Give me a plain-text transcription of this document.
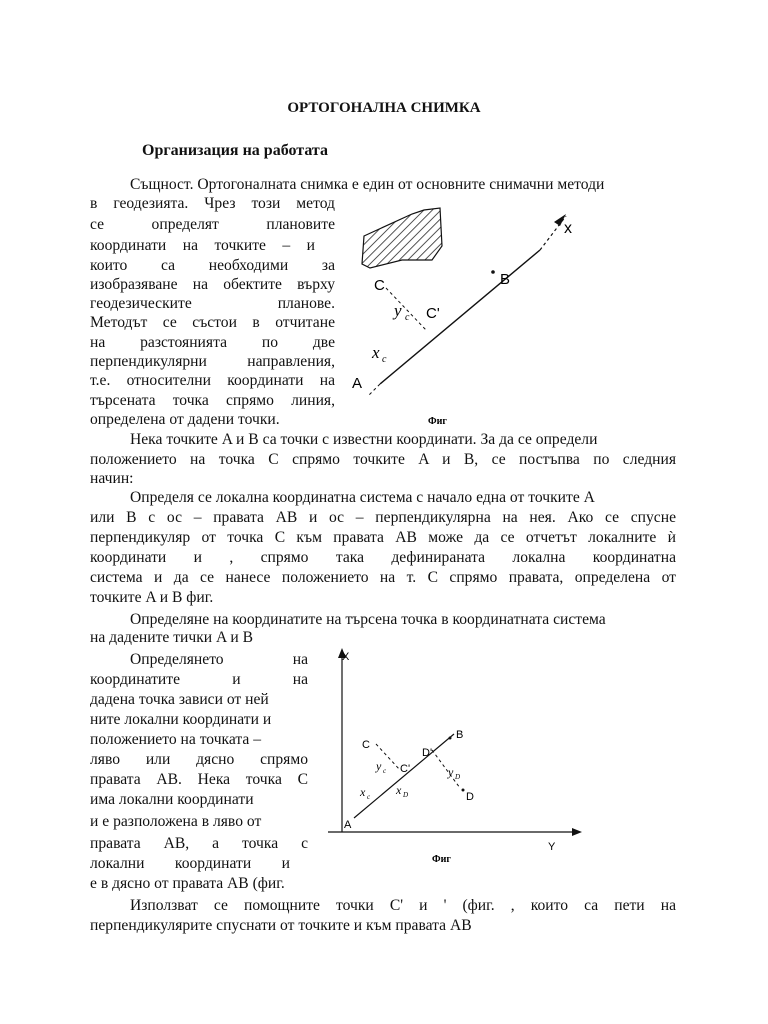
ОРТОГОНАЛНА СНИМКА
Организация на работата
Същност. Ортогоналната снимка е един от основните снимачни методи
в геодезията. Чрез този метод
се определят плановите
координати на точките – и
които са необходими за
изобразяване на обектите върху
геодезическите планове.
Методът се състои в отчитане
на разстоянията по две
перпендикулярни направления,
т.е. относителни координати на
търсената точка спрямо линия,
определена от дадени точки.
x
C	B
C'
A
y c
x c
Фиг
Нека точките A и B са точки с известни координати. За да се определи
положението на точка C спрямо точките A и B, се постъпва по следния
начин:
Определя се локална координатна система с начало една от точките A
или B с ос – правата AB и ос – перпендикулярна на нея. Ако се спусне
перпендикуляр от точка C към правата AB може да се отчетът локалните ѝ
координати и , спрямо така дефинираната локална координатна
система и да се нанесе положението на т. C спрямо правата, определена от
точките A и B фиг.
Определяне на координатите на търсена точка в координатната система
на дадените тички A и B
Определянето на
координатите и на
дадена точка зависи от ней
ните локални координати и
положението на точката –
ляво или дясно спрямо
правата AB. Нека точка C
има локални координати
и е разположена в ляво от
правата AB, а точка с
локални координати и
е в дясно от правата AB (фиг.
X
Y
A
B
C
D
C'
D'
y c	y D
x c x D
Фиг
Използват се помощните точки C' и ' (фиг. , които са пети на
перпендикулярите спуснати от точките и към правата AB
